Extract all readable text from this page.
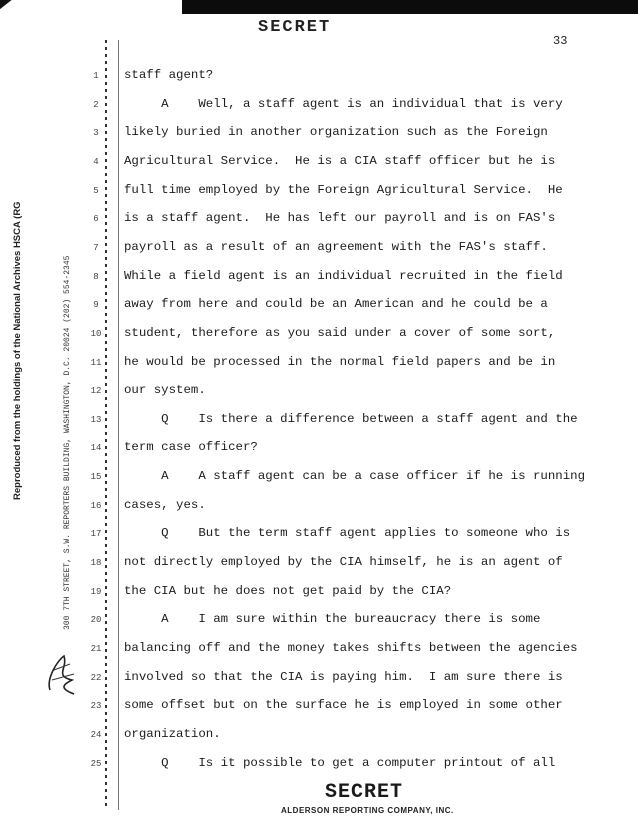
SECRET
33
Reproduced from the holdings of the National Archives HSCA (RG	300 7TH STREET, S.W. REPORTERS BUILDING, WASHINGTON, D.C. 20024 (202) 554-2345
1	staff agent?
2	A    Well, a staff agent is an individual that is very
3	likely buried in another organization such as the Foreign
4	Agricultural Service.  He is a CIA staff officer but he is
5	full time employed by the Foreign Agricultural Service.  He
6	is a staff agent.  He has left our payroll and is on FAS's
7	payroll as a result of an agreement with the FAS's staff.
8	While a field agent is an individual recruited in the field
9	away from here and could be an American and he could be a
10	student, therefore as you said under a cover of some sort,
11	he would be processed in the normal field papers and be in
12	our system.
13	Q    Is there a difference between a staff agent and the
14	term case officer?
15	A    A staff agent can be a case officer if he is running
16	cases, yes.
17	Q    But the term staff agent applies to someone who is
18	not directly employed by the CIA himself, he is an agent of
19	the CIA but he does not get paid by the CIA?
20	A    I am sure within the bureaucracy there is some
21	balancing off and the money takes shifts between the agencies
22	involved so that the CIA is paying him.  I am sure there is
23	some offset but on the surface he is employed in some other
24	organization.
25	Q    Is it possible to get a computer printout of all
SECRET
ALDERSON REPORTING COMPANY, INC.
